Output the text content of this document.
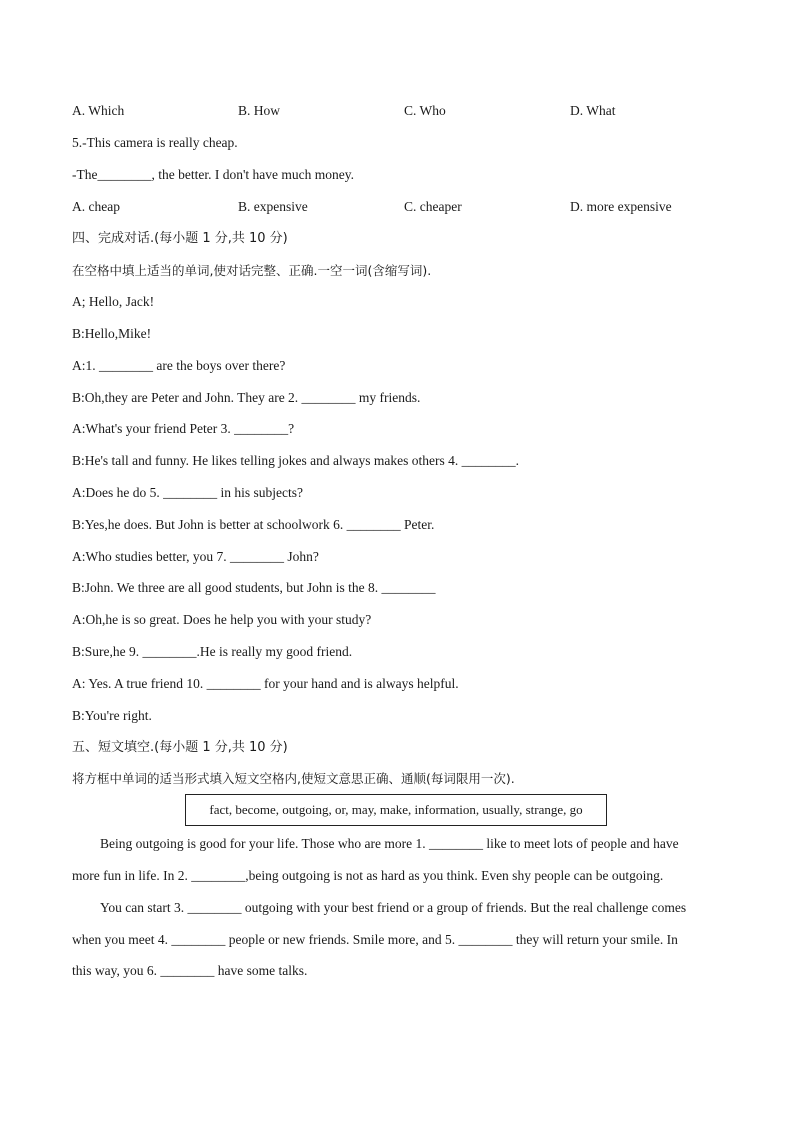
A. Which	B. How	C. Who	D. What
5.-This camera is really cheap.
-The________, the better. I don't have much money.
A. cheap	B. expensive	C. cheaper	D. more expensive
四、完成对话.(每小题 1 分,共 10 分)
在空格中填上适当的单词,使对话完整、正确.一空一词(含缩写词).
A; Hello, Jack!
B:Hello,Mike!
A:1. ________ are the boys over there?
B:Oh,they are Peter and John. They are 2. ________ my friends.
A:What's your friend Peter 3. ________?
B:He's tall and funny. He likes telling jokes and always makes others 4. ________.
A:Does he do 5. ________ in his subjects?
B:Yes,he does. But John is better at schoolwork 6. ________ Peter.
A:Who studies better, you 7. ________ John?
B:John. We three are all good students, but John is the 8. ________
A:Oh,he is so great. Does he help you with your study?
B:Sure,he 9. ________.He is really my good friend.
A: Yes. A true friend 10. ________ for your hand and is always helpful.
B:You're right.
五、短文填空.(每小题 1 分,共 10 分)
将方框中单词的适当形式填入短文空格内,使短文意思正确、通顺(每词限用一次).
fact, become, outgoing, or, may, make, information, usually, strange, go
Being outgoing is good for your life. Those who are more 1. ________ like to meet lots of people and have
more fun in life. In 2. ________,being outgoing is not as hard as you think. Even shy people can be outgoing.
You can start 3. ________ outgoing with your best friend or a group of friends. But the real challenge comes
when you meet 4. ________ people or new friends. Smile more, and 5. ________ they will return your smile. In
this way, you 6. ________ have some talks.
